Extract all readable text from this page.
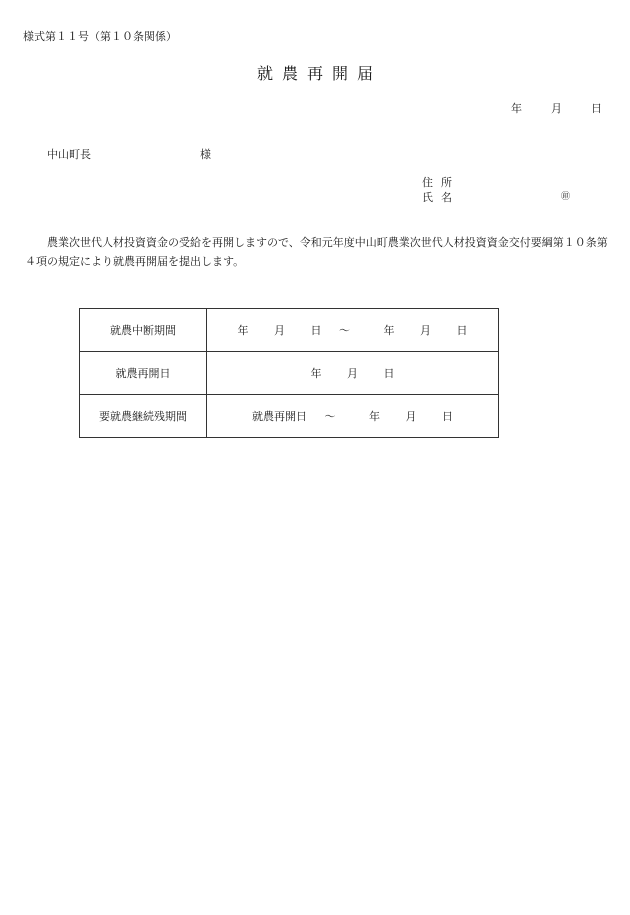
様式第１１号（第１０条関係）
就農再開届
年	月	日
中山町長	様
住所
氏名	㊞
農業次世代人材投資資金の受給を再開しますので、令和元年度中山町農業次世代人材投資資金交付要綱第１０条第４項の規定により就農再開届を提出します。
就農中断期間	年 月 日 〜 年 月 日
就農再開日	年 月 日
要就農継続残期間	就農再開日 〜 年 月 日
